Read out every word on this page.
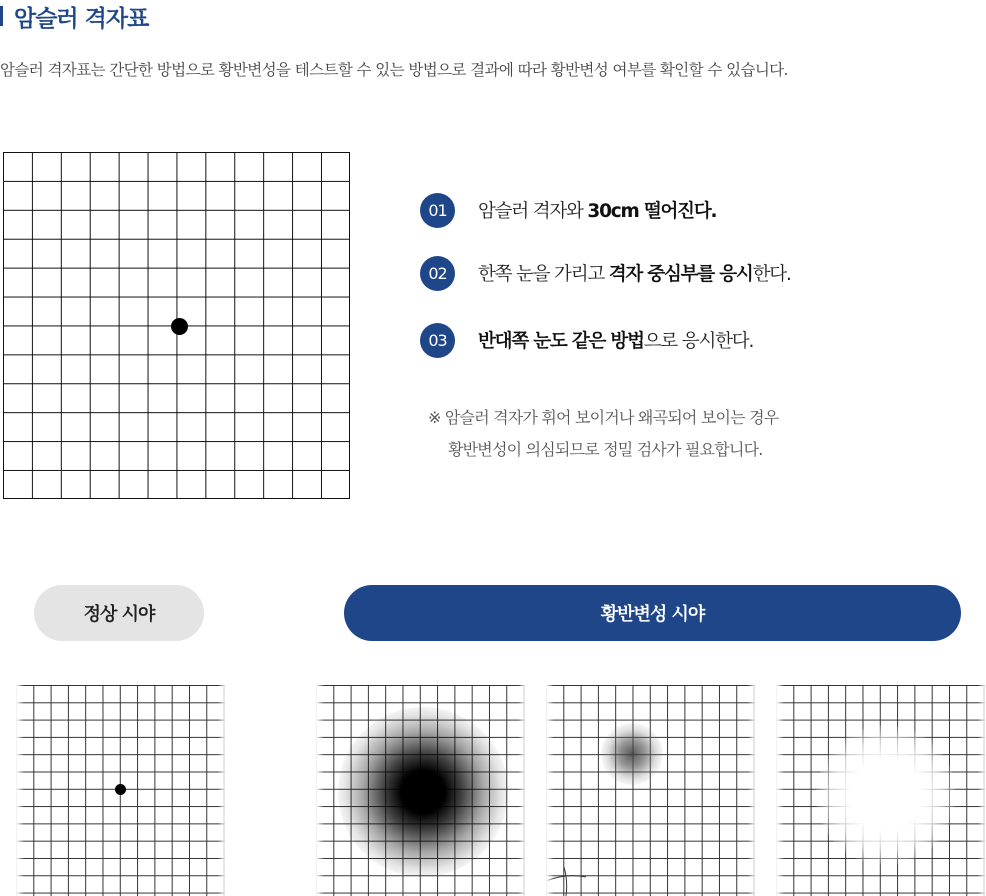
암슬러 격자표
암슬러 격자표는 간단한 방법으로 황반변성을 테스트할 수 있는 방법으로 결과에 따라 황반변성 여부를 확인할 수 있습니다.
01	암슬러 격자와 30cm 떨어진다.
02	한쪽 눈을 가리고 격자 중심부를 응시한다.
03	반대쪽 눈도 같은 방법으로 응시한다.
※ 암슬러 격자가 휘어 보이거나 왜곡되어 보이는 경우
황반변성이 의심되므로 정밀 검사가 필요합니다.
정상 시야	황반변성 시야
